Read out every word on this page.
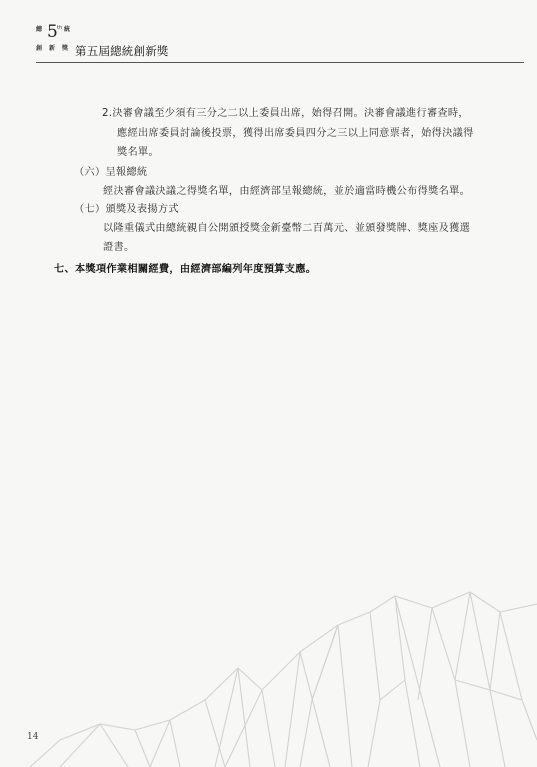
總 5 th 統
創 新 獎 第五屆總統創新獎
2.決審會議至少須有三分之二以上委員出席，始得召開。決審會議進行審查時，
應經出席委員討論後投票，獲得出席委員四分之三以上同意票者，始得決議得
獎名單。
（六）呈報總統
經決審會議決議之得獎名單，由經濟部呈報總統，並於適當時機公布得獎名單。
（七）頒獎及表揚方式
以隆重儀式由總統親自公開頒授獎金新臺幣二百萬元、並頒發獎牌、獎座及獲選
證書。
七、本獎項作業相關經費，由經濟部編列年度預算支應。
14
